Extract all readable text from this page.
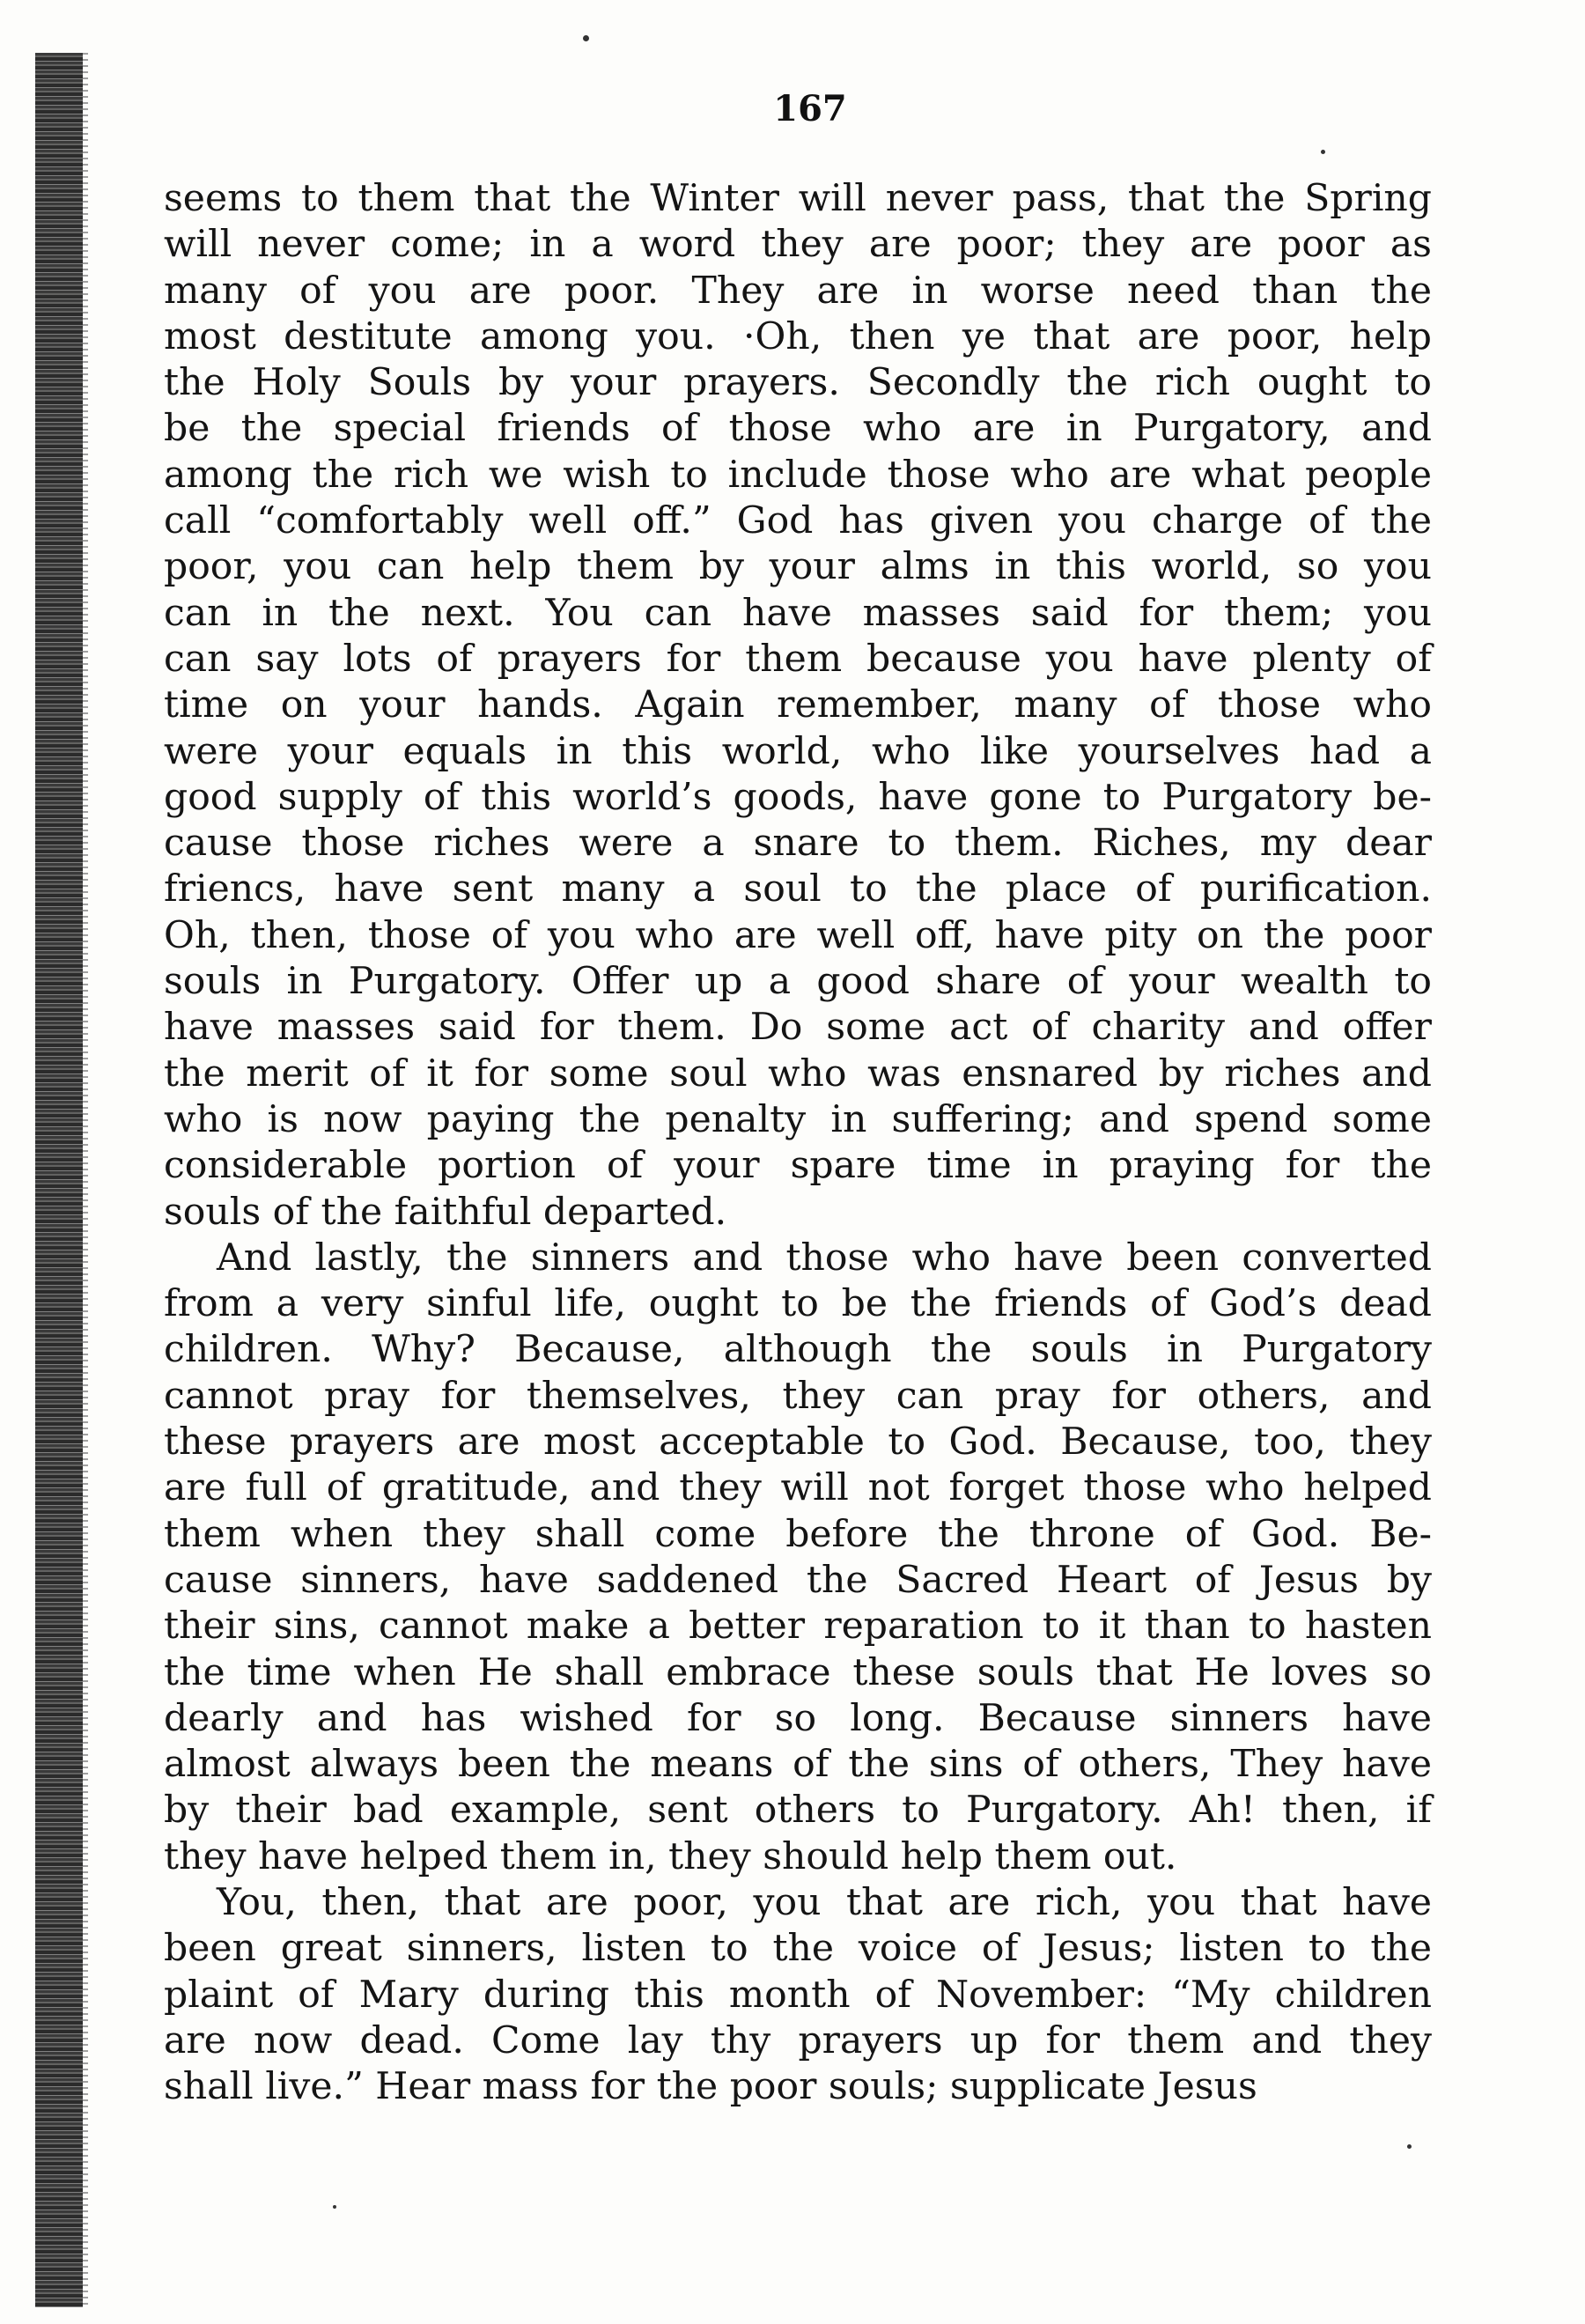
167
seems to them that the Winter will never pass, that the Spring
will never come; in a word they are poor; they are poor as
many of you are poor. They are in worse need than the
most destitute among you. ·Oh, then ye that are poor, help
the Holy Souls by your prayers. Secondly the rich ought to
be the special friends of those who are in Purgatory, and
among the rich we wish to include those who are what people
call “comfortably well off.” God has given you charge of the
poor, you can help them by your alms in this world, so you
can in the next. You can have masses said for them; you
can say lots of prayers for them because you have plenty of
time on your hands. Again remember, many of those who
were your equals in this world, who like yourselves had a
good supply of this world’s goods, have gone to Purgatory be-
cause those riches were a snare to them. Riches, my dear
friencs, have sent many a soul to the place of purification.
Oh, then, those of you who are well off, have pity on the poor
souls in Purgatory. Offer up a good share of your wealth to
have masses said for them. Do some act of charity and offer
the merit of it for some soul who was ensnared by riches and
who is now paying the penalty in suffering; and spend some
considerable portion of your spare time in praying for the
souls of the faithful departed.
And lastly, the sinners and those who have been converted
from a very sinful life, ought to be the friends of God’s dead
children. Why? Because, although the souls in Purgatory
cannot pray for themselves, they can pray for others, and
these prayers are most acceptable to God. Because, too, they
are full of gratitude, and they will not forget those who helped
them when they shall come before the throne of God. Be-
cause sinners, have saddened the Sacred Heart of Jesus by
their sins, cannot make a better reparation to it than to hasten
the time when He shall embrace these souls that He loves so
dearly and has wished for so long. Because sinners have
almost always been the means of the sins of others, They have
by their bad example, sent others to Purgatory. Ah! then, if
they have helped them in, they should help them out.
You, then, that are poor, you that are rich, you that have
been great sinners, listen to the voice of Jesus; listen to the
plaint of Mary during this month of November: “My children
are now dead. Come lay thy prayers up for them and they
shall live.” Hear mass for the poor souls; supplicate Jesus
